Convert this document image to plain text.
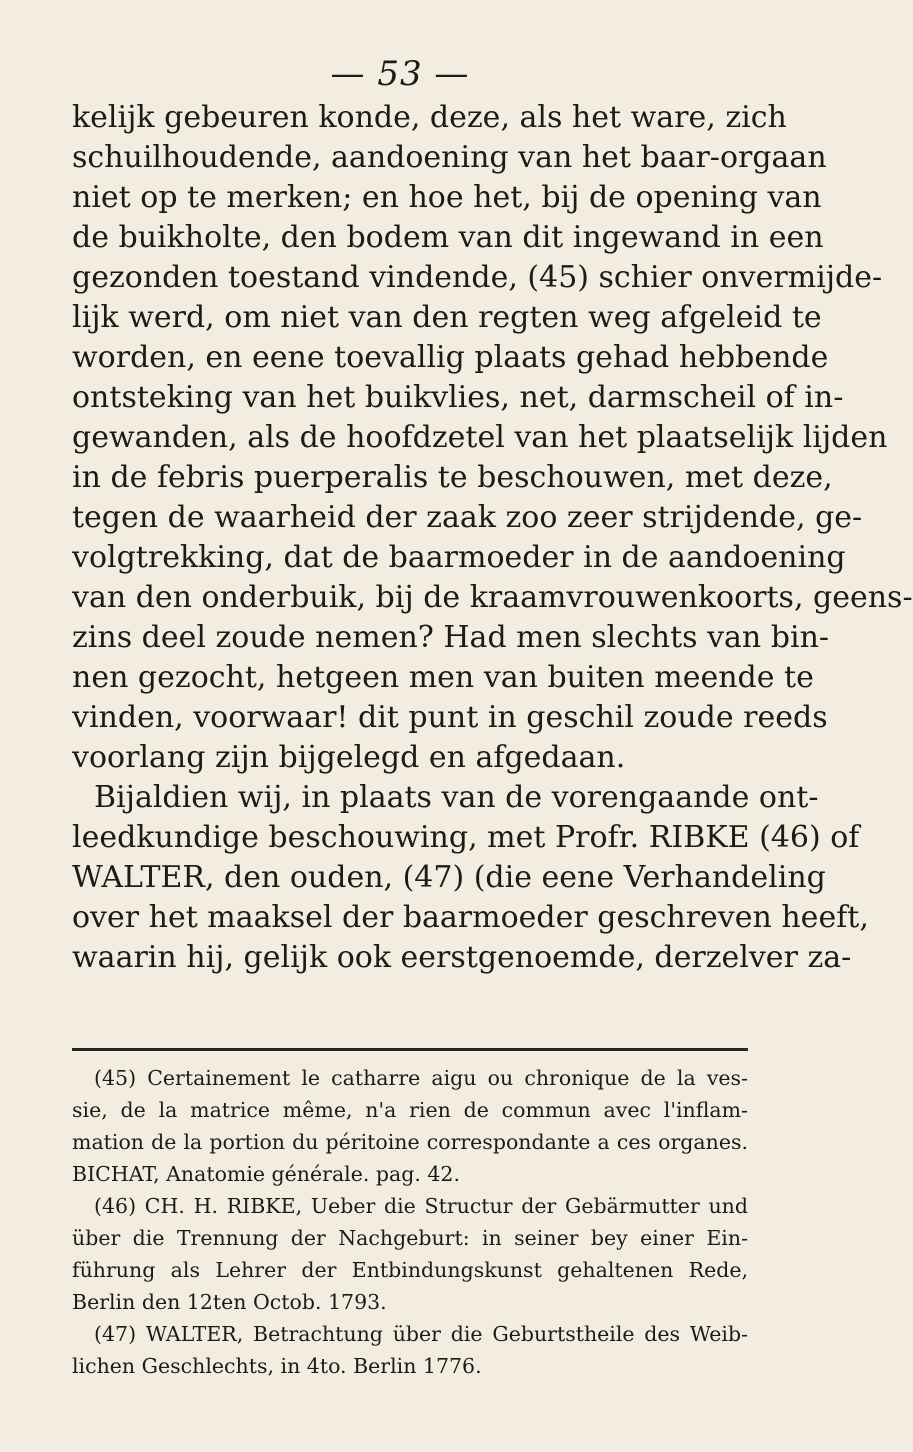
— 53 —
kelijk gebeuren konde, deze, als het ware, zich
schuilhoudende, aandoening van het baar-orgaan
niet op te merken; en hoe het, bij de opening van
de buikholte, den bodem van dit ingewand in een
gezonden toestand vindende, (45) schier onvermijde-
lijk werd, om niet van den regten weg afgeleid te
worden, en eene toevallig plaats gehad hebbende
ontsteking van het buikvlies, net, darmscheil of in-
gewanden, als de hoofdzetel van het plaatselijk lijden
in de febris puerperalis te beschouwen, met deze,
tegen de waarheid der zaak zoo zeer strijdende, ge-
volgtrekking, dat de baarmoeder in de aandoening
van den onderbuik, bij de kraamvrouwenkoorts, geens-
zins deel zoude nemen? Had men slechts van bin-
nen gezocht, hetgeen men van buiten meende te
vinden, voorwaar! dit punt in geschil zoude reeds
voorlang zijn bijgelegd en afgedaan.
Bijaldien wij, in plaats van de vorengaande ont-
leedkundige beschouwing, met Profr. RIBKE (46) of
WALTER, den ouden, (47) (die eene Verhandeling
over het maaksel der baarmoeder geschreven heeft,
waarin hij, gelijk ook eerstgenoemde, derzelver za-
(45) Certainement le catharre aigu ou chronique de la ves-
sie, de la matrice même, n'a rien de commun avec l'inflam-
mation de la portion du péritoine correspondante a ces organes.
BICHAT, Anatomie générale. pag. 42.
(46) CH. H. RIBKE, Ueber die Structur der Gebärmutter und
über die Trennung der Nachgeburt: in seiner bey einer Ein-
führung als Lehrer der Entbindungskunst gehaltenen Rede,
Berlin den 12ten Octob. 1793.
(47) WALTER, Betrachtung über die Geburtstheile des Weib-
lichen Geschlechts, in 4to. Berlin 1776.
